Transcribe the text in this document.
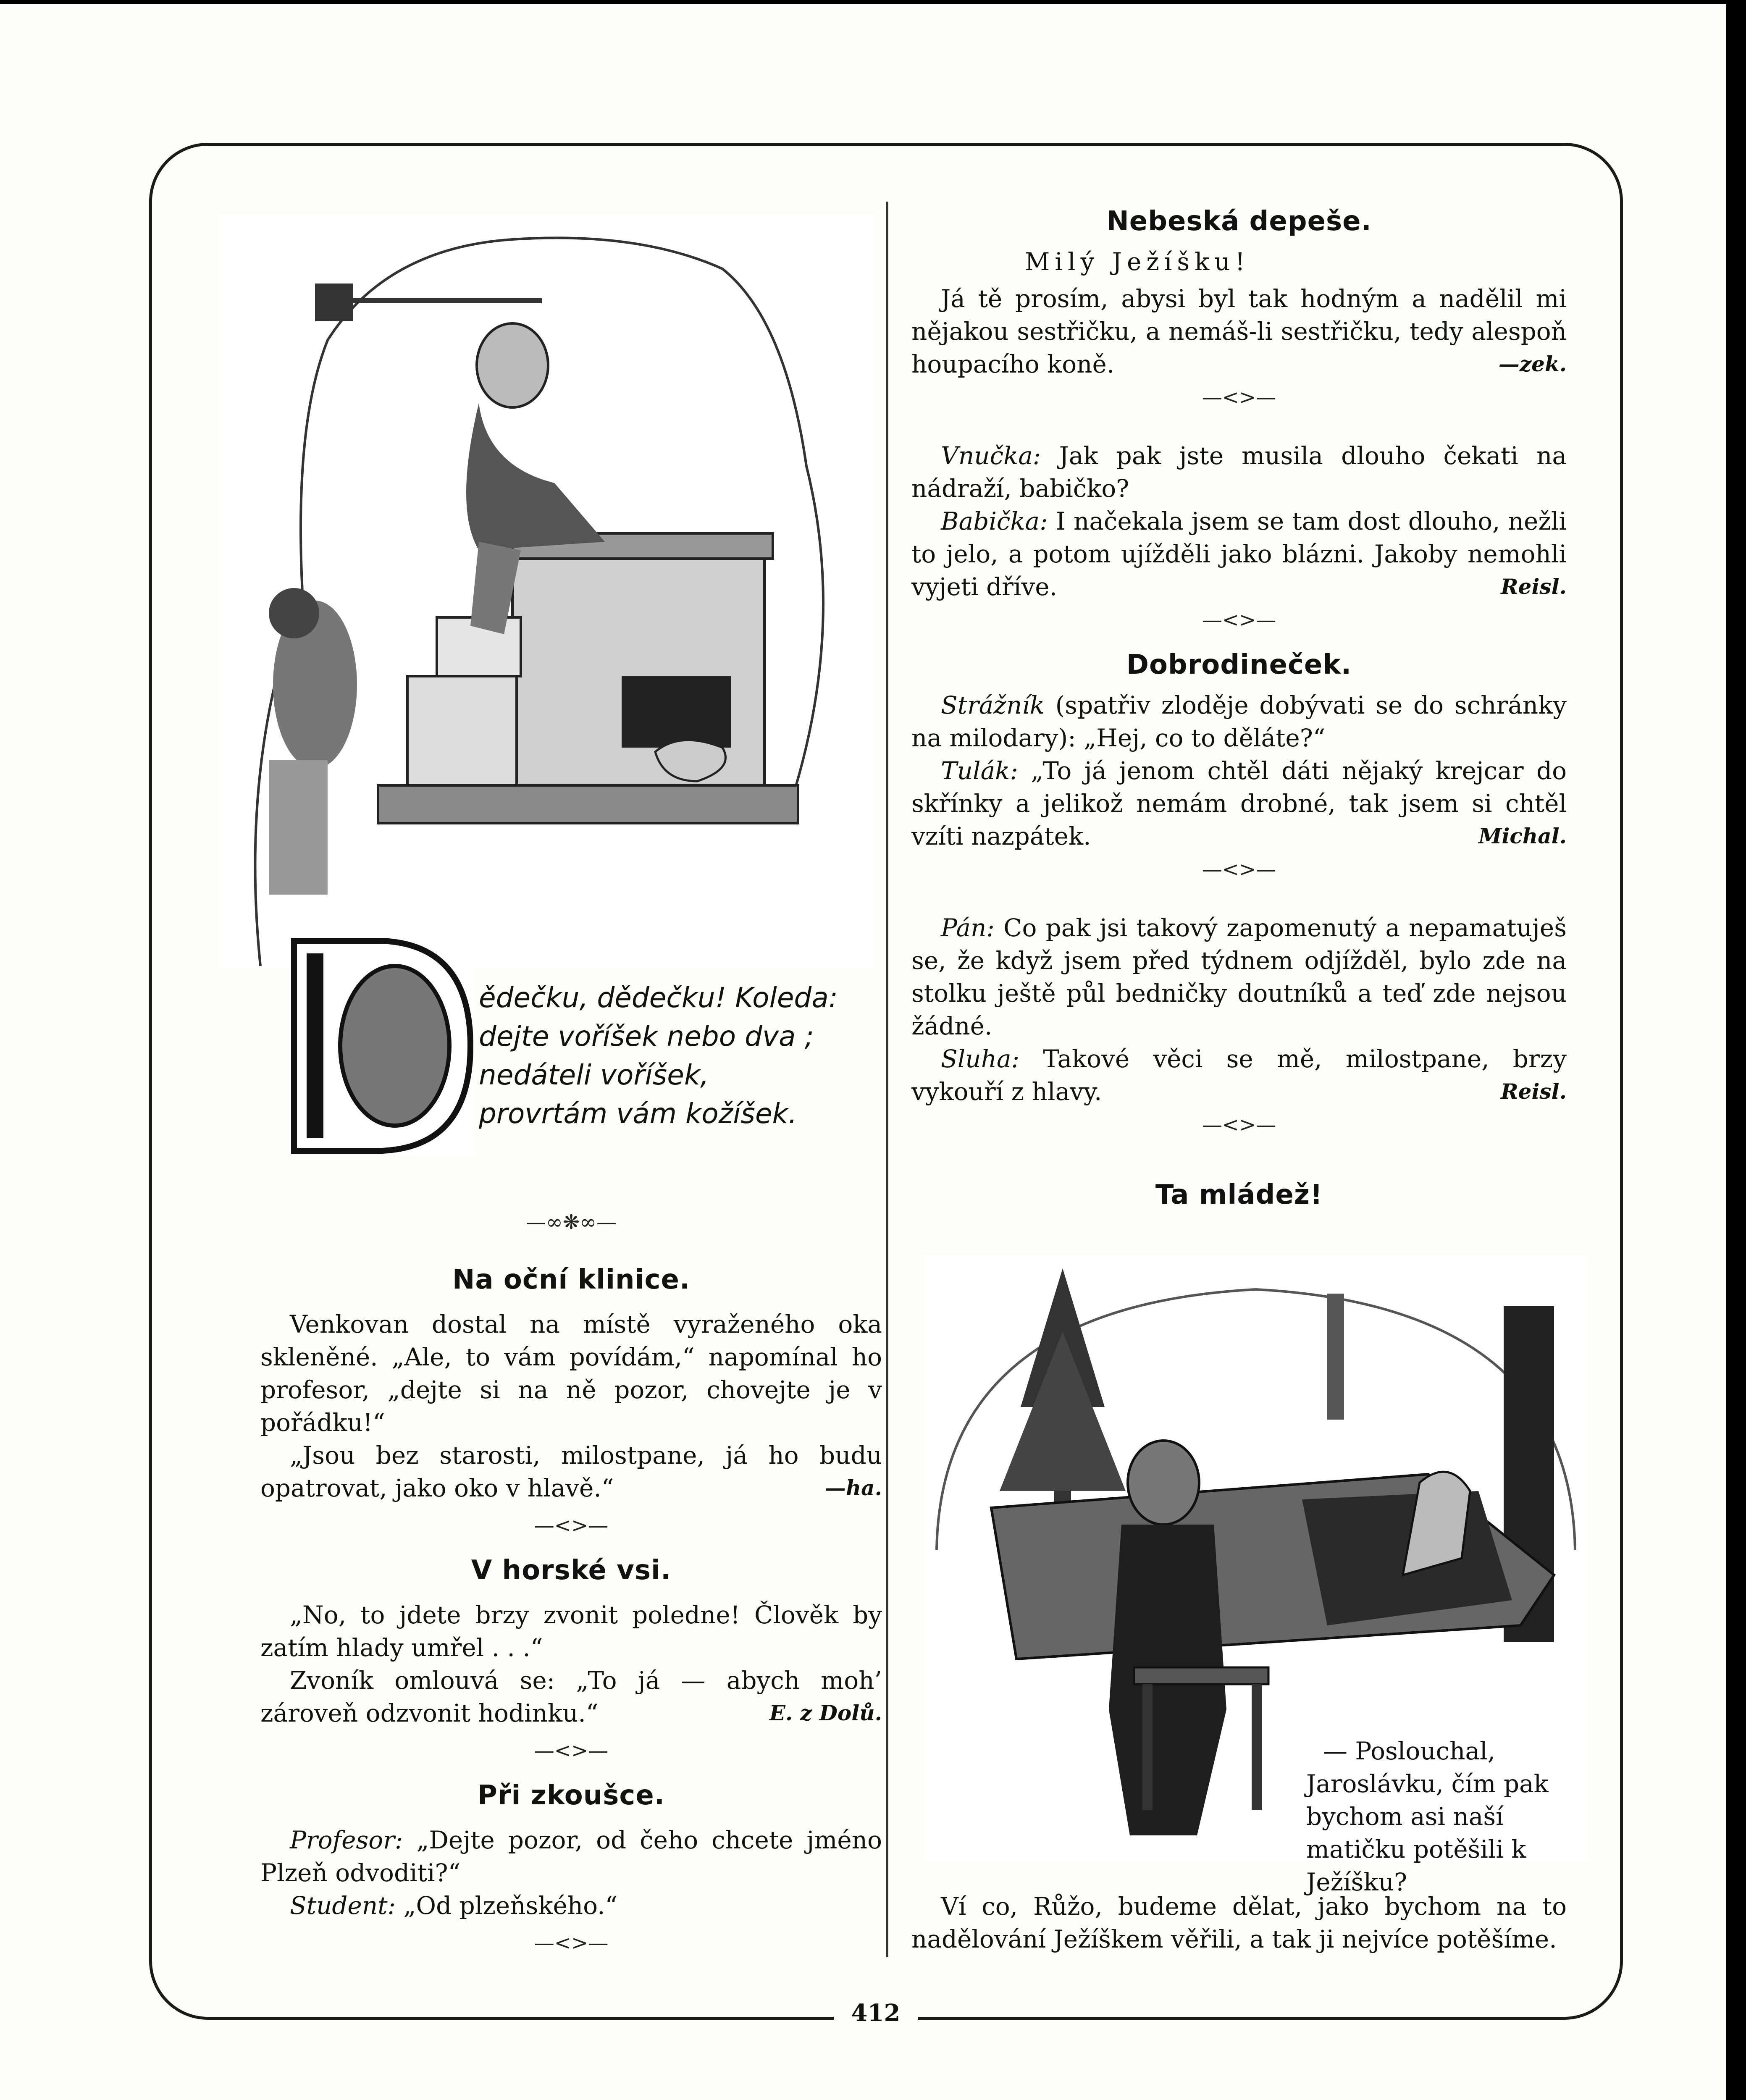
ědečku, dědečku! Koleda:
dejte voříšek nebo dva ;
nedáteli voříšek,
provrtám vám kožíšek.
—∞❋∞—
Na oční klinice.

Venkovan dostal na místě vyraženého oka skleněné. „Ale, to vám povídám,“ napomínal ho profesor, „dejte si na ně pozor, chovejte je v pořádku!“

„Jsou bez starosti, milostpane, já ho budu opatrovat, jako oko v hlavě.“	—ha.

—<>—
V horské vsi.

„No, to jdete brzy zvonit poledne! Člověk by zatím hlady umřel . . .“

Zvoník omlouvá se: „To já — abych moh’ zároveň odzvonit hodinku.“	E. z Dolů.

—<>—
Při zkoušce.

Profesor: „Dejte pozor, od čeho chcete jméno Plzeň odvoditi?“

Student: „Od plzeňského.“

—<>—
Nebeská depeše.

Milý Ježíšku!

Já tě prosím, abysi byl tak hodným a nadělil mi nějakou sestřičku, a nemáš-li sestřičku, tedy alespoň houpacího koně.	—zek.

—<>—

Vnučka: Jak pak jste musila dlouho čekati na nádraží, babičko?

Babička: I načekala jsem se tam dost dlouho, nežli to jelo, a potom ujížděli jako blázni. Jakoby nemohli vyjeti dříve.	Reisl.

—<>—
Dobrodineček.

Strážník (spatřiv zloděje dobývati se do schránky na milodary): „Hej, co to děláte?“

Tulák: „To já jenom chtěl dáti nějaký krejcar do skřínky a jelikož nemám drobné, tak jsem si chtěl vzíti nazpátek.	Michal.

—<>—

Pán: Co pak jsi takový zapomenutý a nepamatuješ se, že když jsem před týdnem odjížděl, bylo zde na stolku ještě půl bedničky doutníků a teď zde nejsou žádné.

Sluha: Takové věci se mě, milostpane, brzy vykouří z hlavy.	Reisl.

—<>—
Ta mládež!

— Poslouchal, Jaroslávku, čím pak bychom asi naší matičku potěšili k Ježíšku?

Ví co, Růžo, budeme dělat, jako bychom na to nadělování Ježíškem věřili, a tak ji nejvíce potěšíme.

412
